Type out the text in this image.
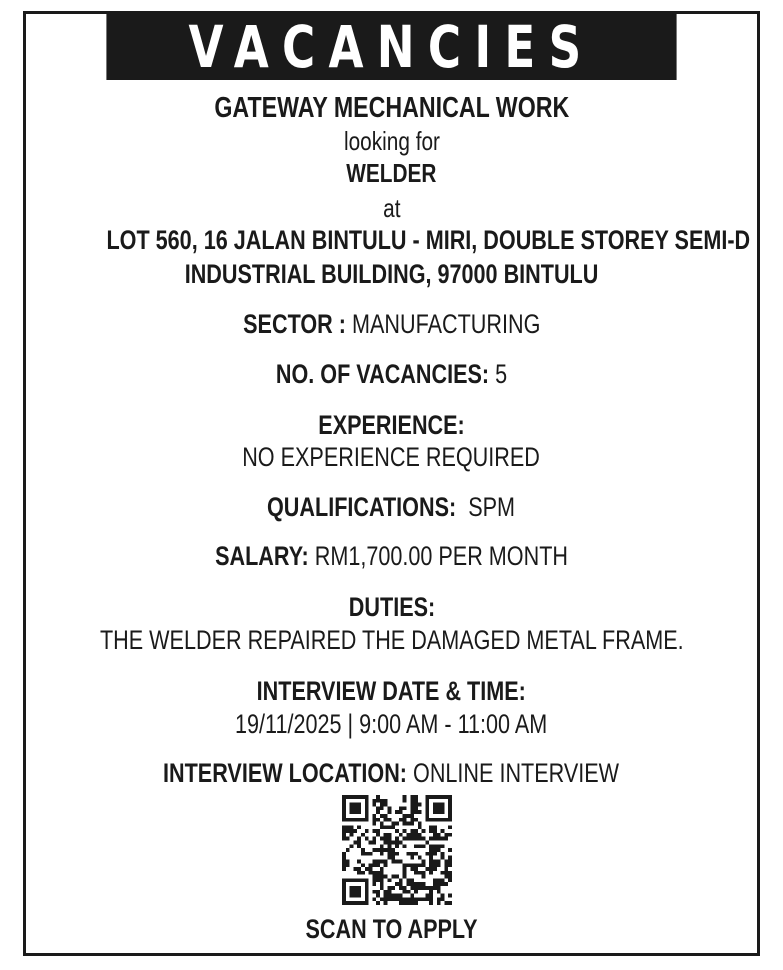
VACANCIES
GATEWAY MECHANICAL WORK
looking for
WELDER
at
LOT 560, 16 JALAN BINTULU - MIRI, DOUBLE STOREY SEMI-D
INDUSTRIAL BUILDING, 97000 BINTULU
SECTOR : MANUFACTURING
NO. OF VACANCIES: 5
EXPERIENCE:
NO EXPERIENCE REQUIRED
QUALIFICATIONS: SPM
SALARY: RM1,700.00 PER MONTH
DUTIES:
THE WELDER REPAIRED THE DAMAGED METAL FRAME.
INTERVIEW DATE & TIME:
19/11/2025 | 9:00 AM - 11:00 AM
INTERVIEW LOCATION: ONLINE INTERVIEW
SCAN TO APPLY
